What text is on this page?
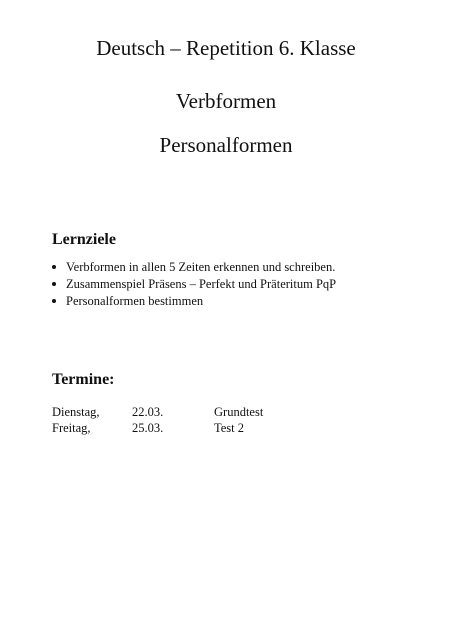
Deutsch – Repetition 6. Klasse
Verbformen
Personalformen
Lernziele
Verbformen in allen 5 Zeiten erkennen und schreiben.
Zusammenspiel Präsens – Perfekt und Präteritum PqP
Personalformen bestimmen
Termine:
Dienstag,	22.03.	Grundtest
Freitag,	25.03.	Test 2
